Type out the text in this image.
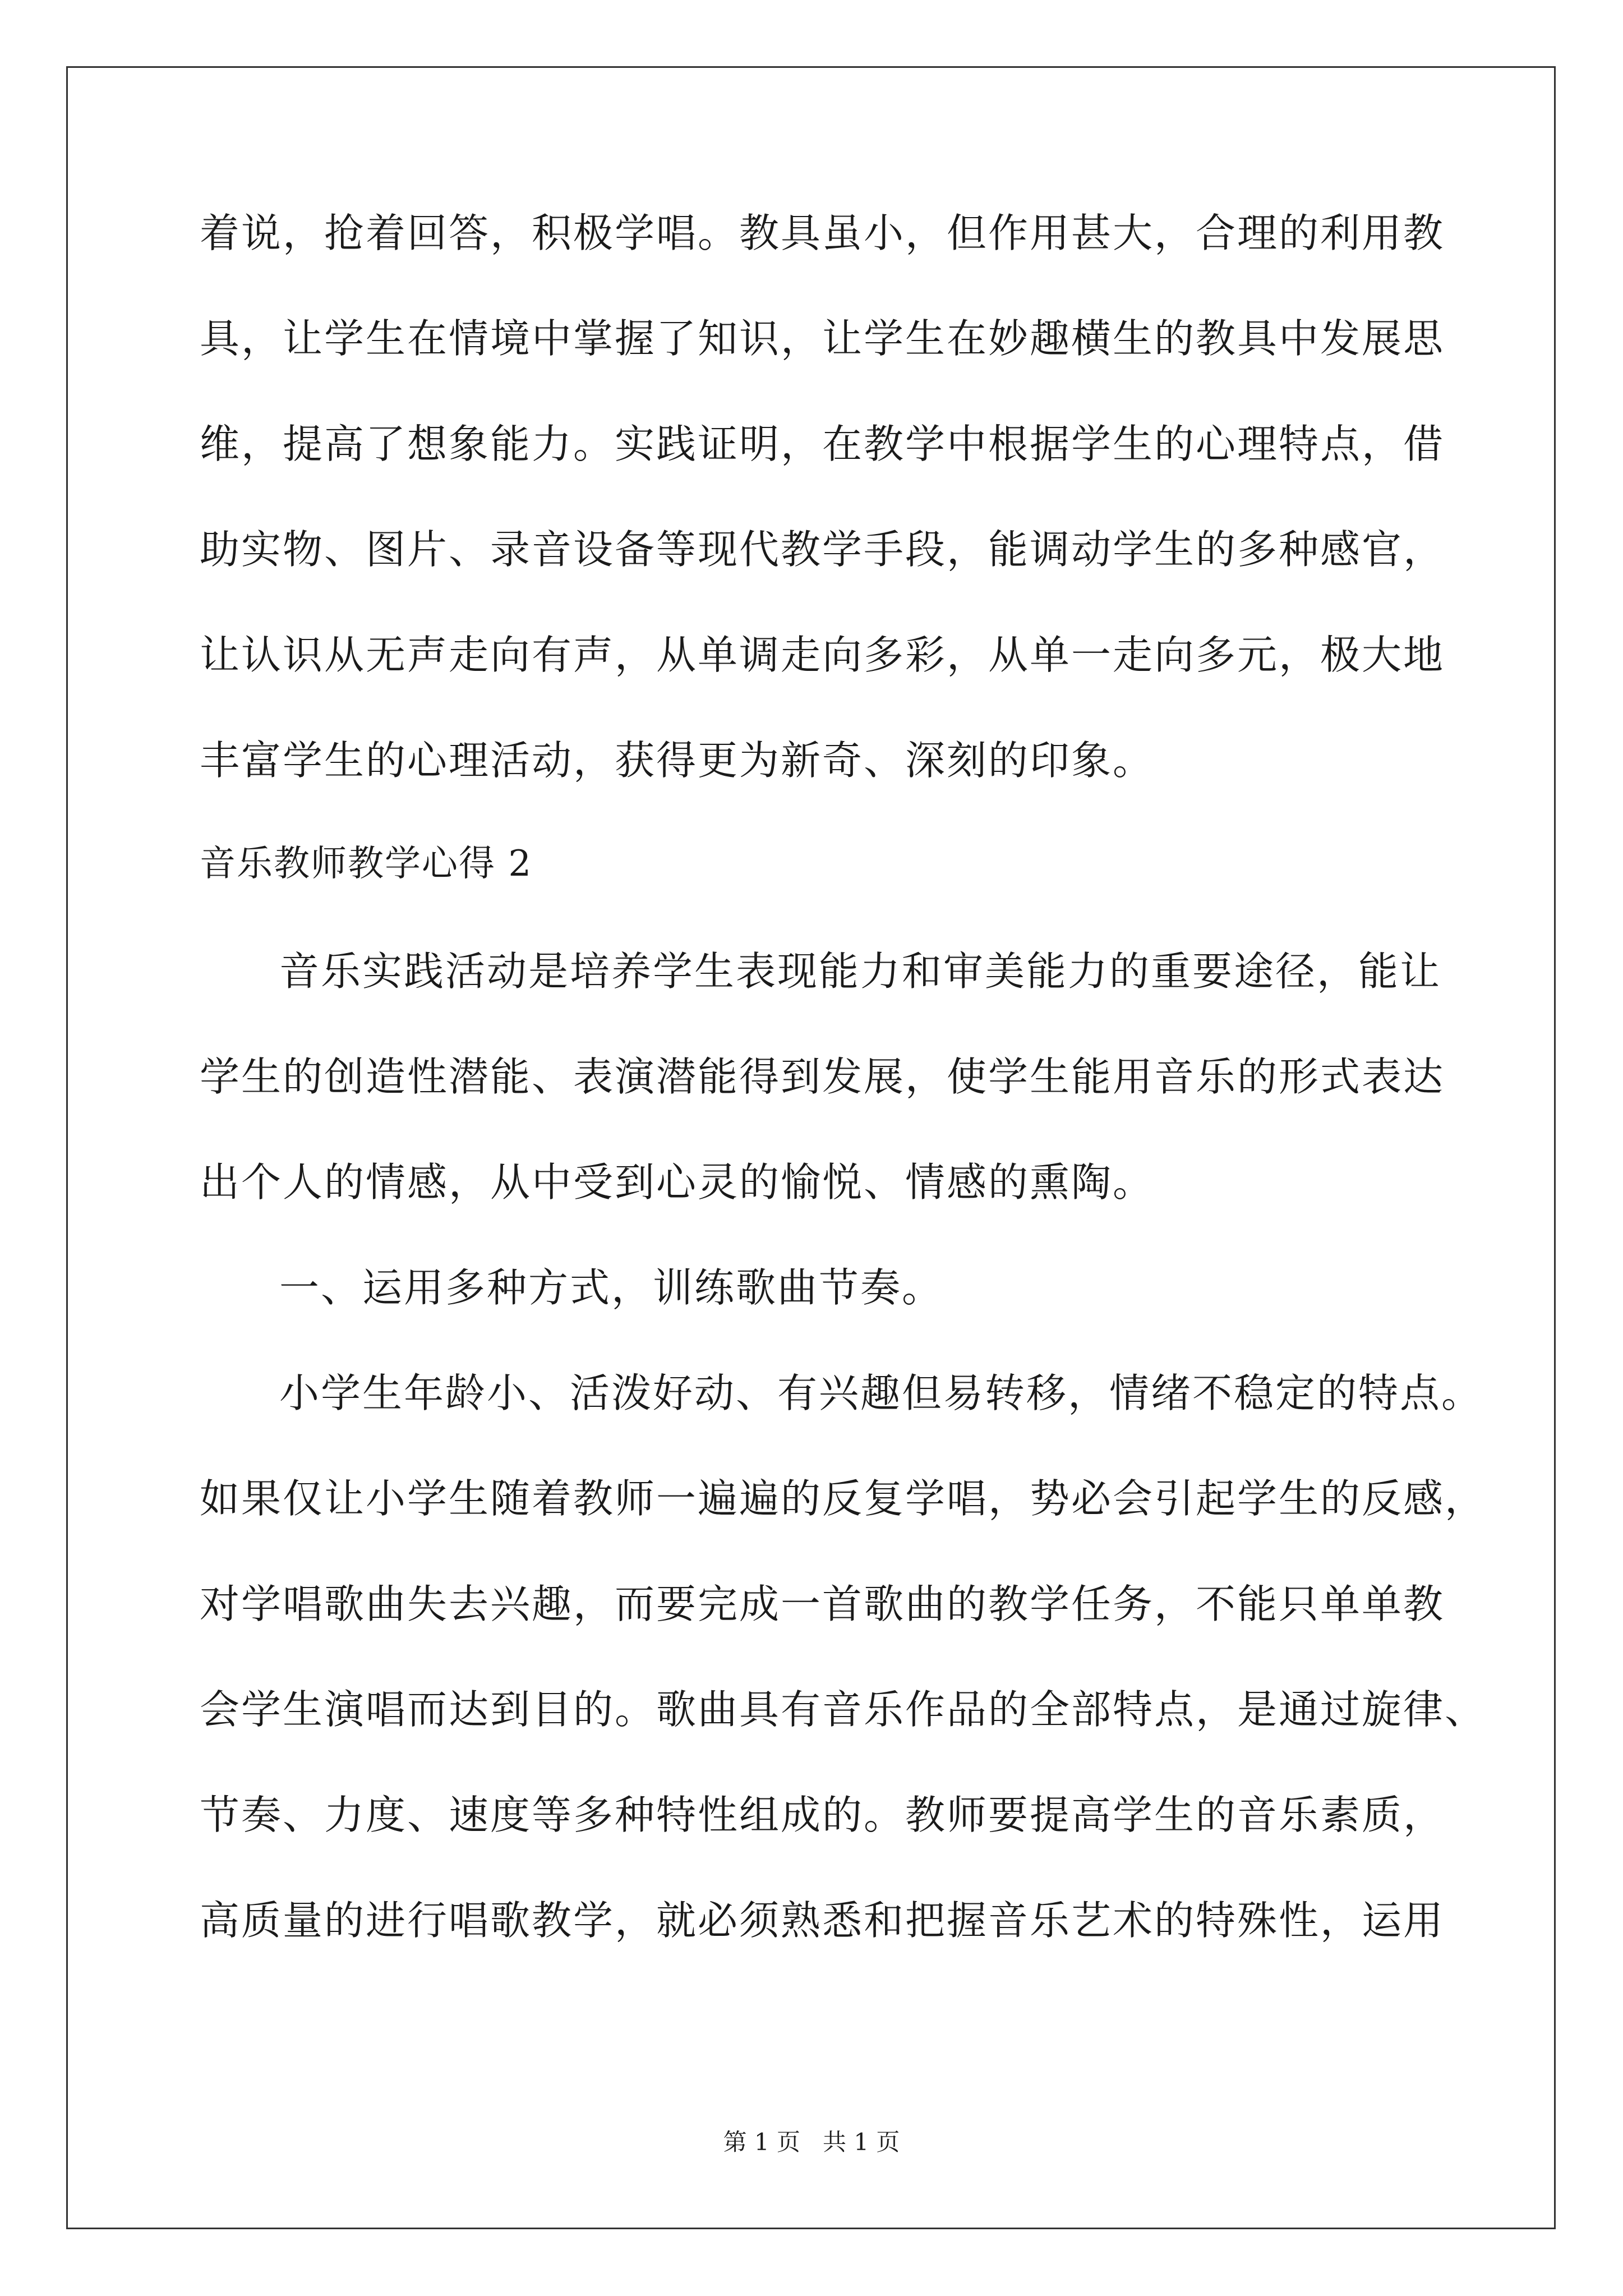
着说，抢着回答，积极学唱。教具虽小，但作用甚大，合理的利用教
具，让学生在情境中掌握了知识，让学生在妙趣横生的教具中发展思
维，提高了想象能力。实践证明，在教学中根据学生的心理特点，借
助实物、图片、录音设备等现代教学手段，能调动学生的多种感官，
让认识从无声走向有声，从单调走向多彩，从单一走向多元，极大地
丰富学生的心理活动，获得更为新奇、深刻的印象。
音乐教师教学心得 2
音乐实践活动是培养学生表现能力和审美能力的重要途径，能让
学生的创造性潜能、表演潜能得到发展，使学生能用音乐的形式表达
出个人的情感，从中受到心灵的愉悦、情感的熏陶。
一、运用多种方式，训练歌曲节奏。
小学生年龄小、活泼好动、有兴趣但易转移，情绪不稳定的特点。
如果仅让小学生随着教师一遍遍的反复学唱，势必会引起学生的反感，
对学唱歌曲失去兴趣，而要完成一首歌曲的教学任务，不能只单单教
会学生演唱而达到目的。歌曲具有音乐作品的全部特点，是通过旋律、
节奏、力度、速度等多种特性组成的。教师要提高学生的音乐素质，
高质量的进行唱歌教学，就必须熟悉和把握音乐艺术的特殊性，运用
第 1 页 共 1 页
